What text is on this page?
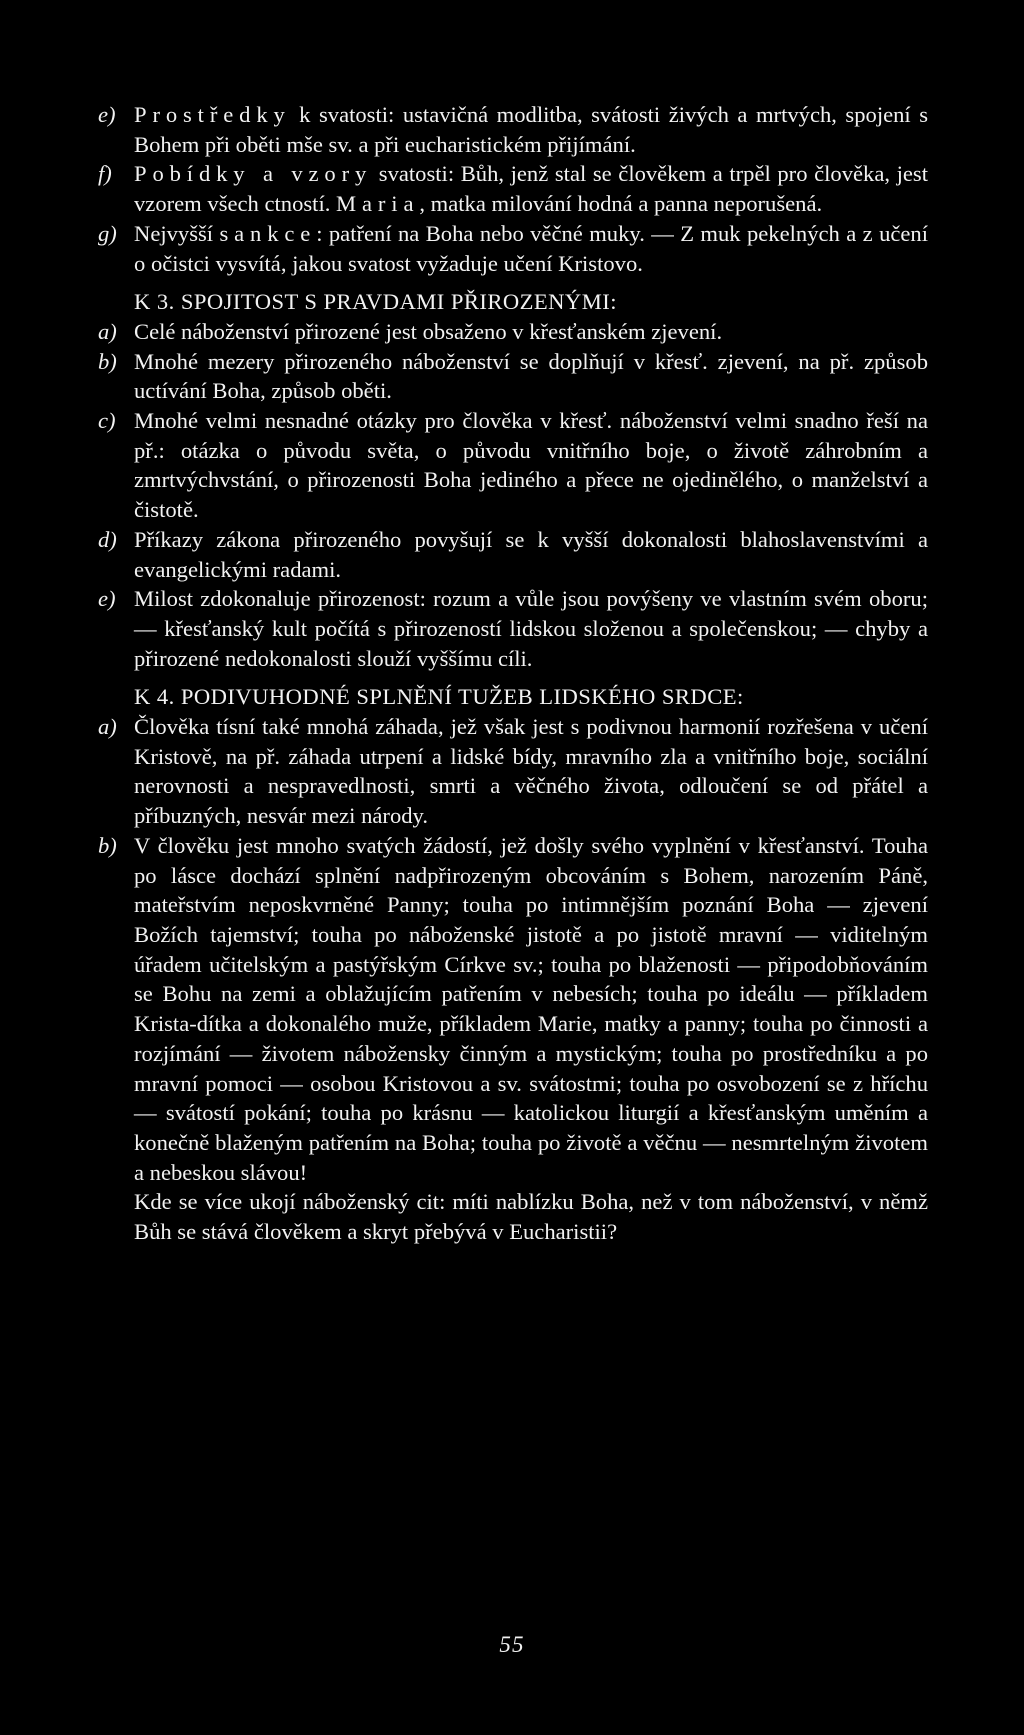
e) Prostředky k svatosti: ustavičná modlitba, svátosti živých a mrtvých, spojení s Bohem při oběti mše sv. a při eucharistickém přijímání.
f) Pobídky a vzory svatosti: Bůh, jenž stal se člověkem a trpěl pro člověka, jest vzorem všech ctností. Maria, matka milování hodná a panna neporušená.
g) Nejvyšší sankce: patření na Boha nebo věčné muky. — Z muk pekelných a z učení o očistci vysvítá, jakou svatost vyžaduje učení Kristovo.
K 3. SPOJITOST S PRAVDAMI PŘIROZENÝMI:
a) Celé náboženství přirozené jest obsaženo v křesťanském zjevení.
b) Mnohé mezery přirozeného náboženství se doplňují v křesť. zjevení, na př. způsob uctívání Boha, způsob oběti.
c) Mnohé velmi nesnadné otázky pro člověka v křesť. náboženství velmi snadno řeší na př.: otázka o původu světa, o původu vnitřního boje, o životě záhrobním a zmrtvýchvstání, o přirozenosti Boha jediného a přece ne ojedinělého, o manželství a čistotě.
d) Příkazy zákona přirozeného povyšují se k vyšší dokonalosti blahoslavenstvími a evangelickými radami.
e) Milost zdokonaluje přirozenost: rozum a vůle jsou povýšeny ve vlastním svém oboru; — křesťanský kult počítá s přirozeností lidskou složenou a společenskou; — chyby a přirozené nedokonalosti slouží vyššímu cíli.
K 4. PODIVUHODNÉ SPLNĚNÍ TUŽEB LIDSKÉHO SRDCE:
a) Člověka tísní také mnohá záhada, jež však jest s podivnou harmonií rozřešena v učení Kristově, na př. záhada utrpení a lidské bídy, mravního zla a vnitřního boje, sociální nerovnosti a nespravedlnosti, smrti a věčného života, odloučení se od přátel a příbuzných, nesvár mezi národy.
b) V člověku jest mnoho svatých žádostí, jež došly svého vyplnění v křesťanství. Touha po lásce dochází splnění nadpřirozeným obcováním s Bohem, narozením Páně, mateřstvím neposkvrněné Panny; touha po intimnějším poznání Boha — zjevení Božích tajemství; touha po náboženské jistotě a po jistotě mravní — viditelným úřadem učitelským a pastýřským Církve sv.; touha po blaženosti — připodobňováním se Bohu na zemi a oblažujícím patřením v nebesích; touha po ideálu — příkladem Krista-dítka a dokonalého muže, příkladem Marie, matky a panny; touha po činnosti a rozjímání — životem nábožensky činným a mystickým; touha po prostředníku a po mravní pomoci — osobou Kristovou a sv. svátostmi; touha po osvobození se z hříchu — svátostí pokání; touha po krásnu — katolickou liturgií a křesťanským uměním a konečně blaženým patřením na Boha; touha po životě a věčnu — nesmrtelným životem a nebeskou slávou!
Kde se více ukojí náboženský cit: míti nablízku Boha, než v tom náboženství, v němž Bůh se stává člověkem a skryt přebývá v Eucharistii?
55
